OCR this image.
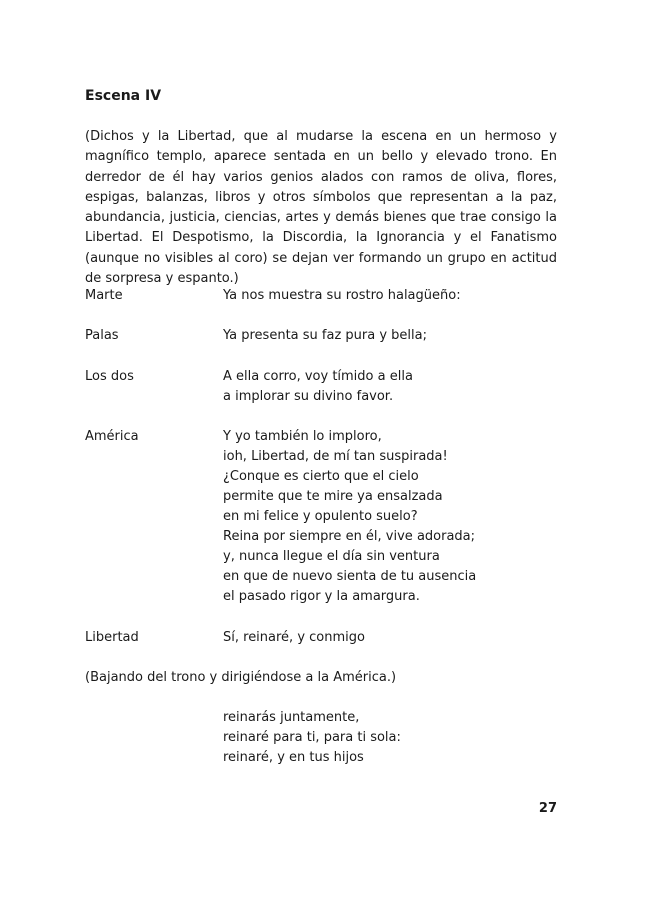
Escena IV

(Dichos y la Libertad, que al mudarse la escena en un hermoso y magnífico templo, aparece sentada en un bello y elevado trono. En derredor de él hay varios genios alados con ramos de oliva, flores, espigas, balanzas, libros y otros símbolos que representan a la paz, abundancia, justicia, ciencias, artes y demás bienes que trae consigo la Libertad. El Despotismo, la Discordia, la Ignorancia y el Fanatismo (aunque no visibles al coro) se dejan ver formando un grupo en actitud de sorpresa y espanto.)

Marte	Ya nos muestra su rostro halagüeño:
Palas	Ya presenta su faz pura y bella;
Los dos	A ella corro, voy tímido a ella
a implorar su divino favor.
América	Y yo también lo imploro,
ioh, Libertad, de mí tan suspirada!
¿Conque es cierto que el cielo
permite que te mire ya ensalzada
en mi felice y opulento suelo?
Reina por siempre en él, vive adorada;
y, nunca llegue el día sin ventura
en que de nuevo sienta de tu ausencia
el pasado rigor y la amargura.
Libertad	Sí, reinaré, y conmigo
(Bajando del trono y dirigiéndose a la América.)
reinarás juntamente,
reinaré para ti, para ti sola:
reinaré, y en tus hijos
27
